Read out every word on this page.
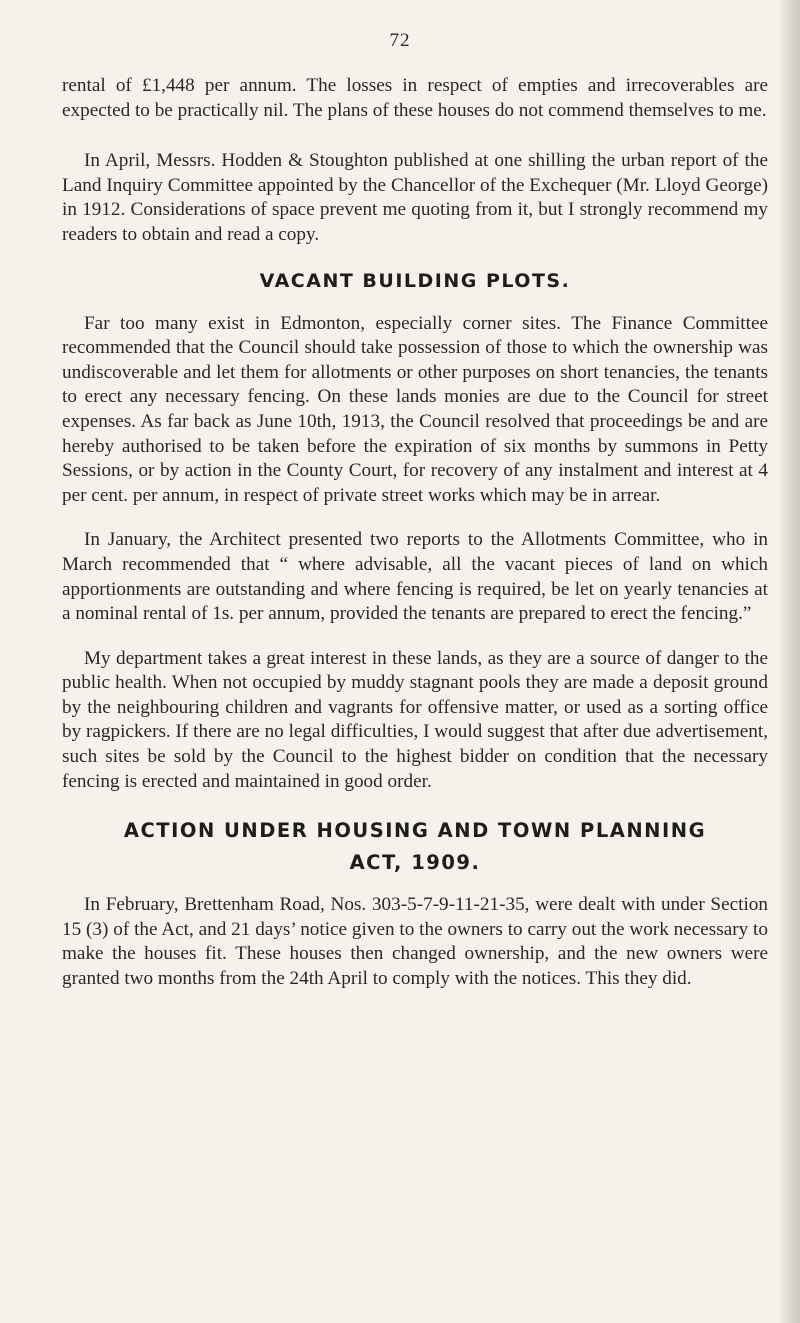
72

rental of £1,448 per annum. The losses in respect of empties and irrecoverables are expected to be practically nil. The plans of these houses do not commend themselves to me.

In April, Messrs. Hodden & Stoughton published at one shilling the urban report of the Land Inquiry Committee appointed by the Chancellor of the Exchequer (Mr. Lloyd George) in 1912. Considerations of space prevent me quoting from it, but I strongly recommend my readers to obtain and read a copy.

VACANT BUILDING PLOTS.

Far too many exist in Edmonton, especially corner sites. The Finance Committee recommended that the Council should take possession of those to which the ownership was undiscoverable and let them for allotments or other purposes on short tenancies, the tenants to erect any necessary fencing. On these lands monies are due to the Council for street expenses. As far back as June 10th, 1913, the Council resolved that proceedings be and are hereby authorised to be taken before the expiration of six months by summons in Petty Sessions, or by action in the County Court, for recovery of any instalment and interest at 4 per cent. per annum, in respect of private street works which may be in arrear.

In January, the Architect presented two reports to the Allotments Committee, who in March recommended that “ where advisable, all the vacant pieces of land on which apportionments are outstanding and where fencing is required, be let on yearly tenancies at a nominal rental of 1s. per annum, provided the tenants are prepared to erect the fencing.”

My department takes a great interest in these lands, as they are a source of danger to the public health. When not occupied by muddy stagnant pools they are made a deposit ground by the neighbouring children and vagrants for offensive matter, or used as a sorting office by ragpickers. If there are no legal difficulties, I would suggest that after due advertisement, such sites be sold by the Council to the highest bidder on condition that the necessary fencing is erected and maintained in good order.

ACTION UNDER HOUSING AND TOWN PLANNING
ACT, 1909.

In February, Brettenham Road, Nos. 303-5-7-9-11-21-35, were dealt with under Section 15 (3) of the Act, and 21 days’ notice given to the owners to carry out the work necessary to make the houses fit. These houses then changed ownership, and the new owners were granted two months from the 24th April to comply with the notices. This they did.
